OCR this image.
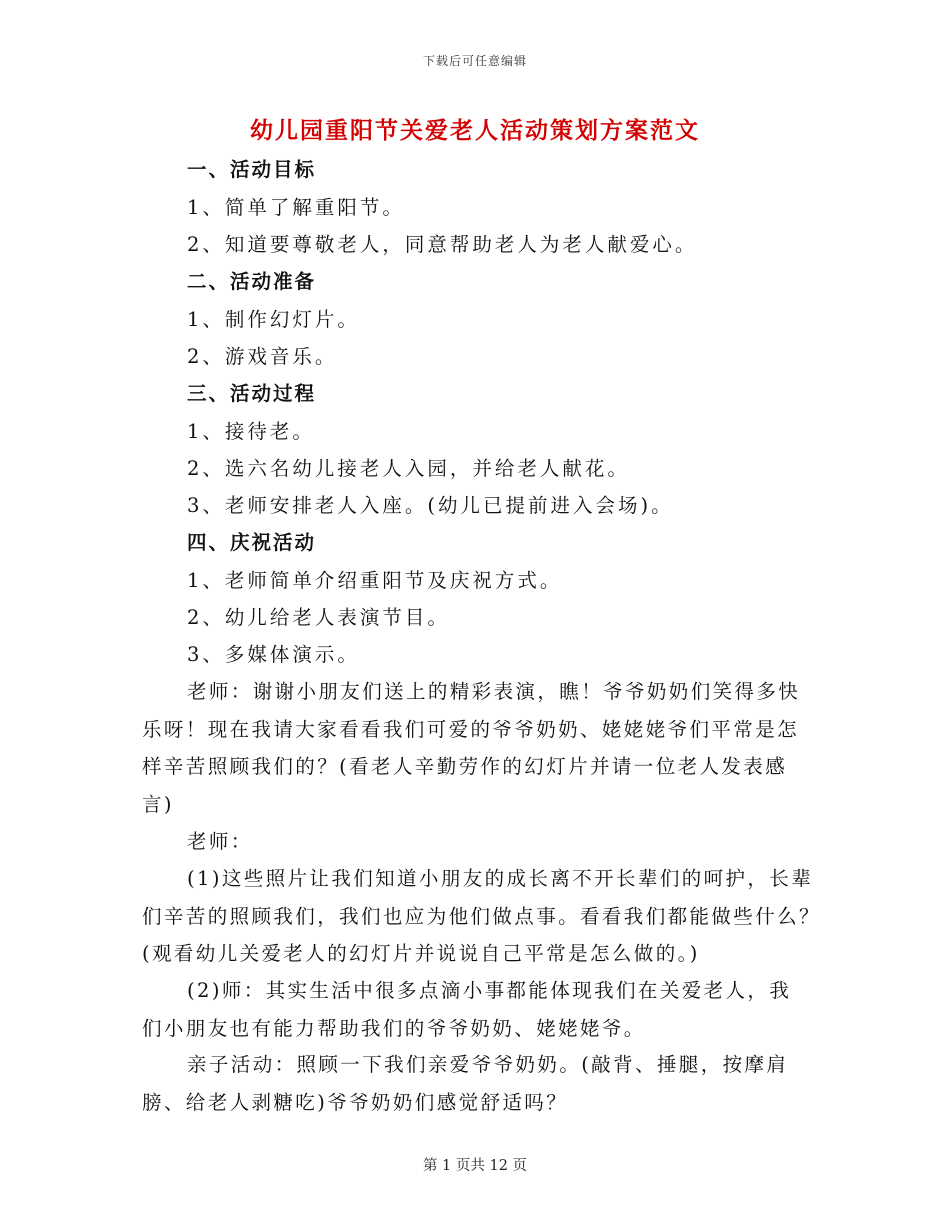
下载后可任意编辑
幼儿园重阳节关爱老人活动策划方案范文
一、活动目标
1、简单了解重阳节。
2、知道要尊敬老人，同意帮助老人为老人献爱心。
二、活动准备
1、制作幻灯片。
2、游戏音乐。
三、活动过程
1、接待老。
2、选六名幼儿接老人入园，并给老人献花。
3、老师安排老人入座。(幼儿已提前进入会场)。
四、庆祝活动
1、老师简单介绍重阳节及庆祝方式。
2、幼儿给老人表演节目。
3、多媒体演示。

老师：谢谢小朋友们送上的精彩表演，瞧！爷爷奶奶们笑得多快乐呀！现在我请大家看看我们可爱的爷爷奶奶、姥姥姥爷们平常是怎样辛苦照顾我们的？(看老人辛勤劳作的幻灯片并请一位老人发表感言)

老师：

(1)这些照片让我们知道小朋友的成长离不开长辈们的呵护，长辈们辛苦的照顾我们，我们也应为他们做点事。看看我们都能做些什么？(观看幼儿关爱老人的幻灯片并说说自己平常是怎么做的。)

(2)师：其实生活中很多点滴小事都能体现我们在关爱老人，我们小朋友也有能力帮助我们的爷爷奶奶、姥姥姥爷。

亲子活动：照顾一下我们亲爱爷爷奶奶。(敲背、捶腿，按摩肩膀、给老人剥糖吃)爷爷奶奶们感觉舒适吗？

第 1 页共 12 页
